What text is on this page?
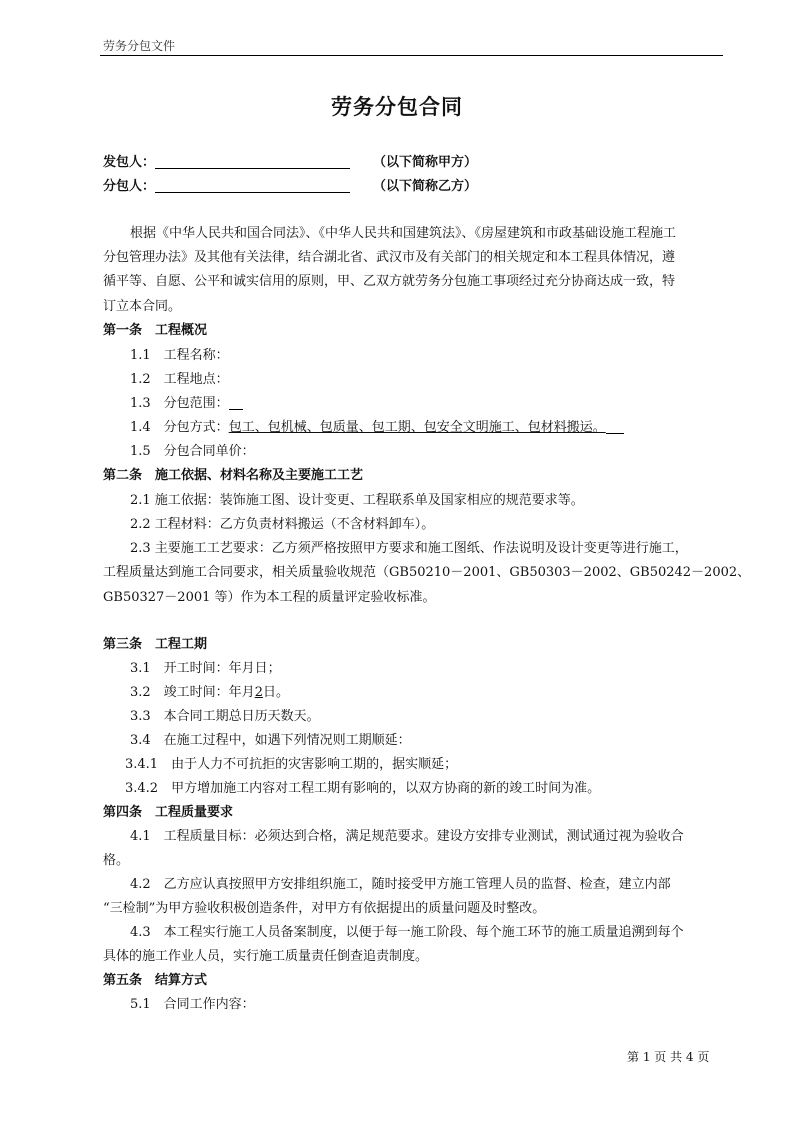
劳务分包文件
劳务分包合同
发包人：	（以下简称甲方）
分包人：	（以下简称乙方）
根据《中华人民共和国合同法》、《中华人民共和国建筑法》、《房屋建筑和市政基础设施工程施工
分包管理办法》及其他有关法律，结合湖北省、武汉市及有关部门的相关规定和本工程具体情况，遵
循平等、自愿、公平和诚实信用的原则，甲、乙双方就劳务分包施工事项经过充分协商达成一致，特
订立本合同。
第一条　工程概况
1.1　工程名称：
1.2　工程地点：
1.3　分包范围：
1.4　分包方式：包工、包机械、包质量、包工期、包安全文明施工、包材料搬运。
1.5　分包合同单价：
第二条　施工依据、材料名称及主要施工工艺
2.1 施工依据：装饰施工图、设计变更、工程联系单及国家相应的规范要求等。
2.2 工程材料：乙方负责材料搬运（不含材料卸车）。
2.3 主要施工工艺要求：乙方须严格按照甲方要求和施工图纸、作法说明及设计变更等进行施工，
工程质量达到施工合同要求，相关质量验收规范（GB50210－2001、GB50303－2002、GB50242－2002、
GB50327－2001 等）作为本工程的质量评定验收标准。
第三条　工程工期
3.1　开工时间：年月日；
3.2　竣工时间：年月2日。
3.3　本合同工期总日历天数天。
3.4　在施工过程中，如遇下列情况则工期顺延：
3.4.1　由于人力不可抗拒的灾害影响工期的，据实顺延；
3.4.2　甲方增加施工内容对工程工期有影响的，以双方协商的新的竣工时间为准。
第四条　工程质量要求
4.1　工程质量目标：必须达到合格，满足规范要求。建设方安排专业测试，测试通过视为验收合
格。
4.2　乙方应认真按照甲方安排组织施工，随时接受甲方施工管理人员的监督、检查，建立内部
“三检制”为甲方验收积极创造条件，对甲方有依据提出的质量问题及时整改。
4.3　本工程实行施工人员备案制度，以便于每一施工阶段、每个施工环节的施工质量追溯到每个
具体的施工作业人员，实行施工质量责任倒查追责制度。
第五条　结算方式
5.1　合同工作内容：
第 1 页 共 4 页
